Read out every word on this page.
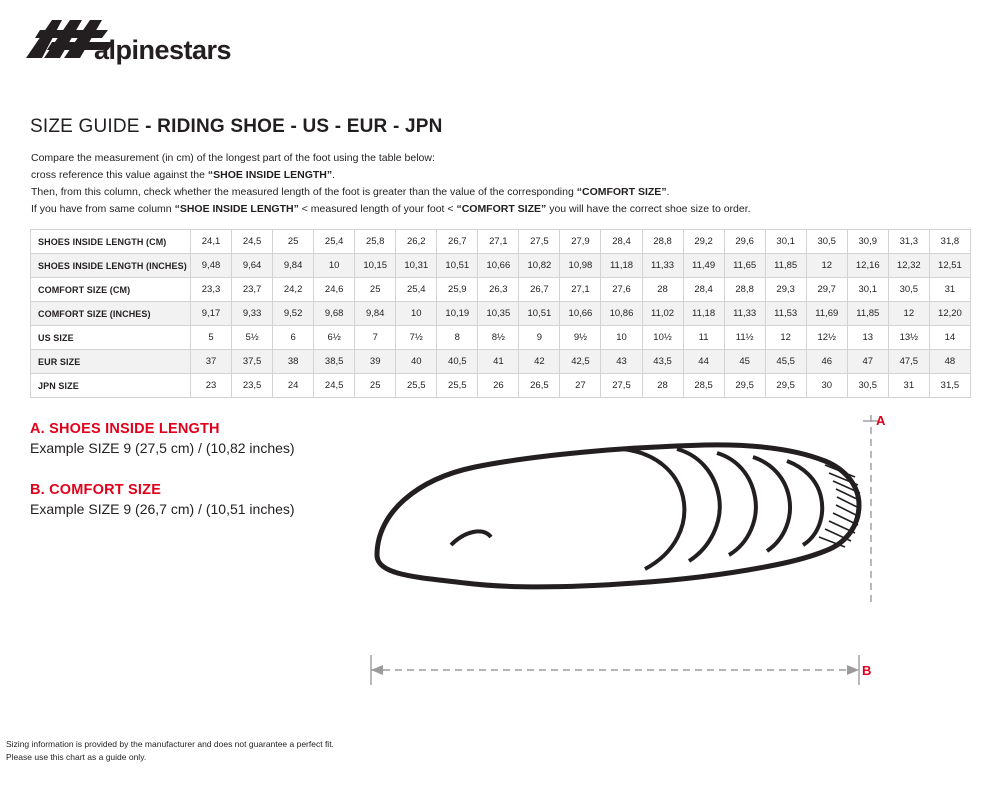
alpinestars
SIZE GUIDE - RIDING SHOE - US - EUR - JPN
Compare the measurement (in cm) of the longest part of the foot using the table below:
cross reference this value against the “SHOE INSIDE LENGTH”.
Then, from this column, check whether the measured length of the foot is greater than the value of the corresponding “COMFORT SIZE”.
If you have from same column “SHOE INSIDE LENGTH” < measured length of your foot < “COMFORT SIZE” you will have the correct shoe size to order.
SHOES INSIDE LENGTH (CM)	24,1	24,5	25	25,4	25,8	26,2	26,7	27,1	27,5	27,9	28,4	28,8	29,2	29,6	30,1	30,5	30,9	31,3	31,8
SHOES INSIDE LENGTH (INCHES)	9,48	9,64	9,84	10	10,15	10,31	10,51	10,66	10,82	10,98	11,18	11,33	11,49	11,65	11,85	12	12,16	12,32	12,51
COMFORT SIZE (CM)	23,3	23,7	24,2	24,6	25	25,4	25,9	26,3	26,7	27,1	27,6	28	28,4	28,8	29,3	29,7	30,1	30,5	31
COMFORT SIZE (INCHES)	9,17	9,33	9,52	9,68	9,84	10	10,19	10,35	10,51	10,66	10,86	11,02	11,18	11,33	11,53	11,69	11,85	12	12,20
US SIZE	5	5½	6	6½	7	7½	8	8½	9	9½	10	10½	11	11½	12	12½	13	13½	14
EUR SIZE	37	37,5	38	38,5	39	40	40,5	41	42	42,5	43	43,5	44	45	45,5	46	47	47,5	48
JPN SIZE	23	23,5	24	24,5	25	25,5	25,5	26	26,5	27	27,5	28	28,5	29,5	29,5	30	30,5	31	31,5
A. SHOES INSIDE LENGTH

Example SIZE 9 (27,5 cm) / (10,82 inches)

B. COMFORT SIZE

Example SIZE 9 (26,7 cm) / (10,51 inches)

A
B
Sizing information is provided by the manufacturer and does not guarantee a perfect fit.
Please use this chart as a guide only.
